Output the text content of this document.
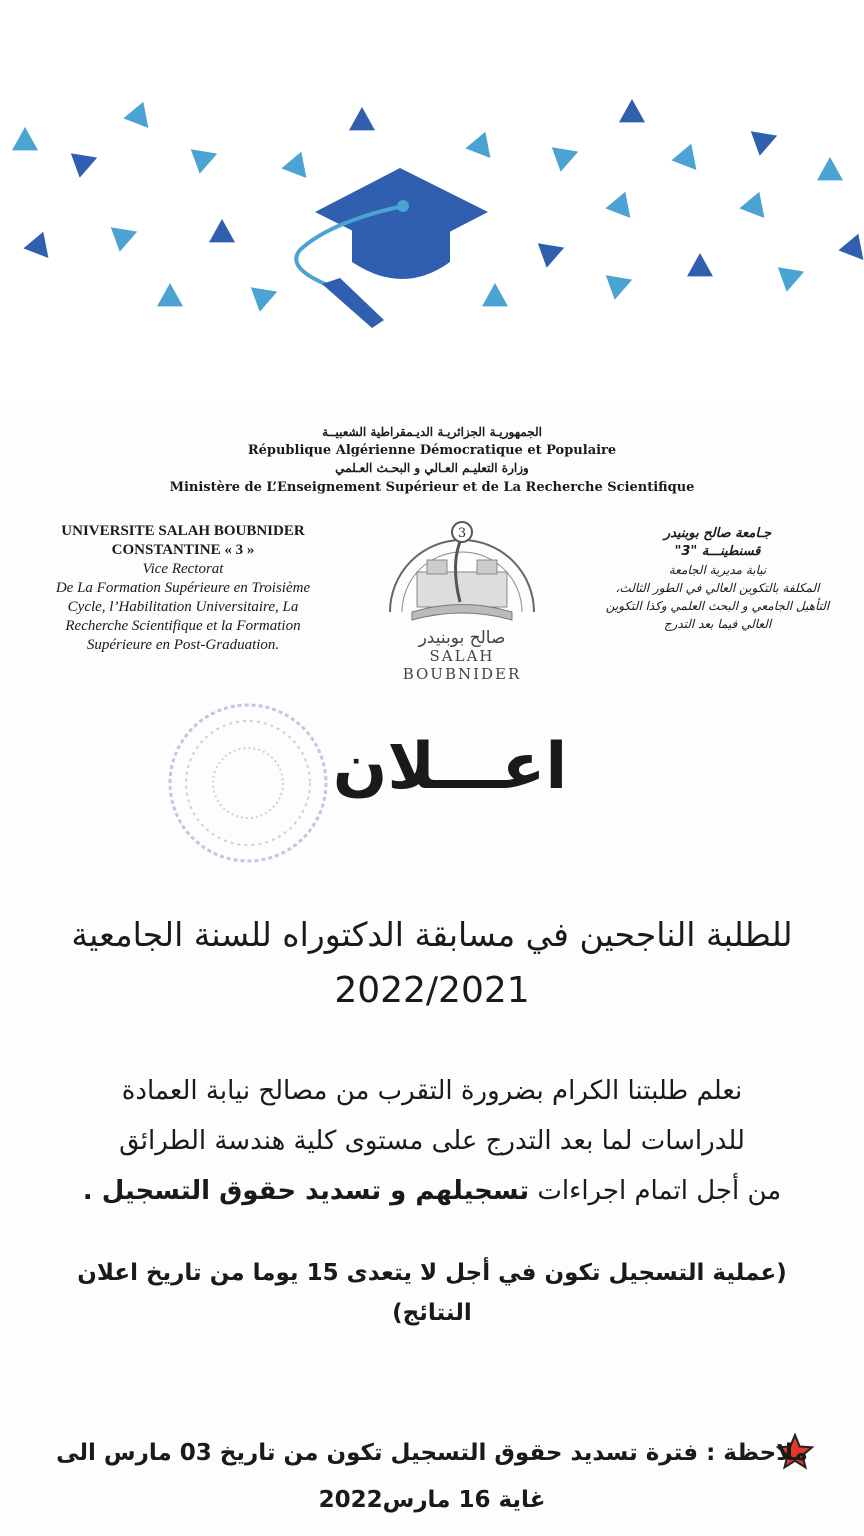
الجمهوريـة الجزائريـة الديـمقراطية الشعبيــة
République Algérienne Démocratique et Populaire
وزارة التعليـم العـالي و البحـث العـلمي
Ministère de L’Enseignement Supérieur et de La Recherche Scientifique
UNIVERSITE SALAH BOUBNIDER
CONSTANTINE « 3 »
Vice Rectorat
De La Formation Supérieure en Troisième
Cycle, l’Habilitation Universitaire, La
Recherche Scientifique et la Formation
Supérieure en Post-Graduation.
جـامعة صالح بوبنيدر
قسنطينـــة "3"
نيابة مديرية الجامعة
المكلفة بالتكوين العالي في الطور الثالث،
التأهيل الجامعي و البحث العلمي وكذا التكوين
العالي فيما بعد التدرج
3
صالح بوبنيدر
SALAH BOUBNIDER
اعـــلان
للطلبة الناجحين في مسابقة الدكتوراه للسنة الجامعية
2022/2021
نعلم طلبتنا الكرام بضرورة التقرب من مصالح نيابة العمادة
للدراسات لما بعد التدرج على مستوى كلية هندسة الطرائق
من أجل اتمام اجراءات تسجيلهم و تسديد حقوق التسجيل .
(عملية التسجيل تكون في أجل لا يتعدى 15 يوما من تاريخ اعلان
النتائج)
ملاحظة : فترة تسديد حقوق التسجيل تكون من تاريخ 03 مارس الى
غاية 16 مارس2022
